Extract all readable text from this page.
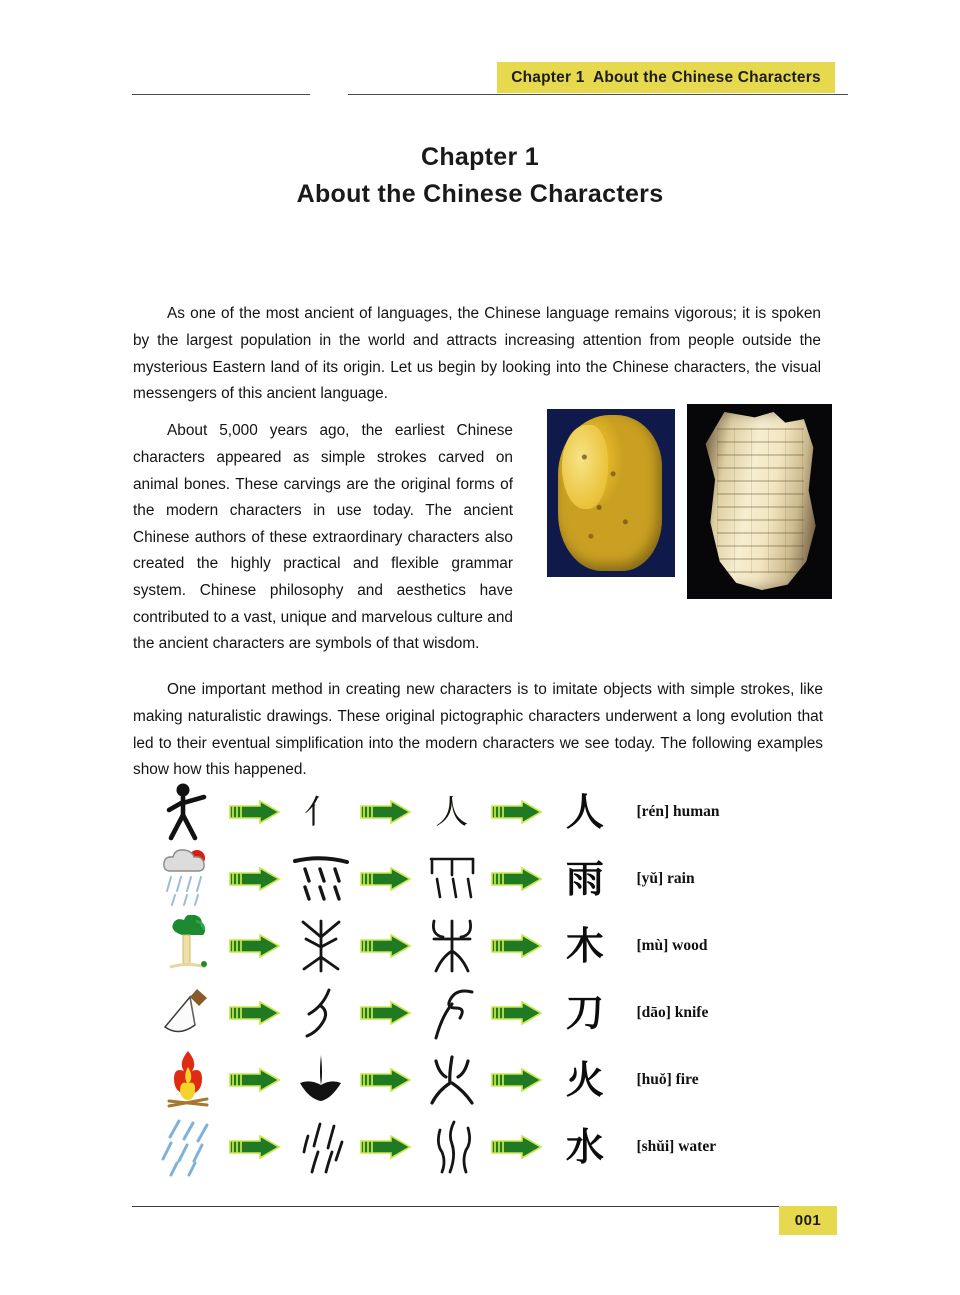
Chapter 1  About the Chinese Characters
Chapter 1
About the Chinese Characters

As one of the most ancient of languages, the Chinese language remains vigorous; it is spoken by the largest population in the world and attracts increasing attention from people outside the mysterious Eastern land of its origin. Let us begin by looking into the Chinese characters, the visual messengers of this ancient language.

About 5,000 years ago, the earliest Chinese characters appeared as simple strokes carved on animal bones. These carvings are the original forms of the modern characters in use today. The ancient Chinese authors of these extraordinary characters also created the highly practical and flexible grammar system. Chinese philosophy and aesthetics have contributed to a vast, unique and marvelous culture and the ancient characters are symbols of that wisdom.

One important method in creating new characters is to imitate objects with simple strokes, like making naturalistic drawings. These original pictographic characters underwent a long evolution that led to their eventual simplification into the modern characters we see today. The following examples show how this happened.

亻	人	人 [rén] human
雨 [yǔ] rain
木 [mù] wood
刀 [dāo] knife
火 [huǒ] fire
水 [shǔi] water
001
